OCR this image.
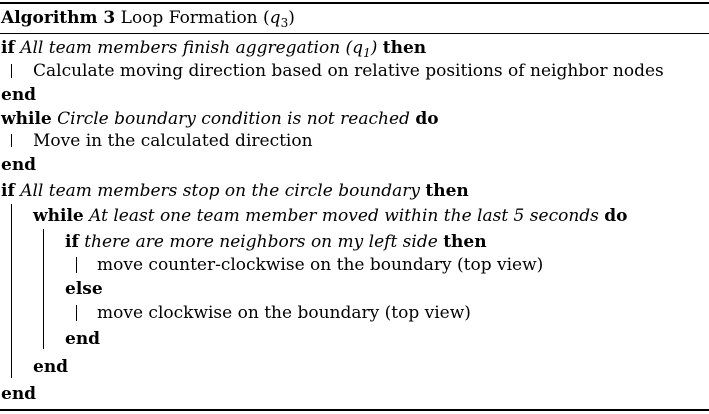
Algorithm 3 Loop Formation $(q_3)$
if All team members finish aggregation $(q_1)$ then
Calculate moving direction based on relative positions of neighbor nodes
end
while Circle boundary condition is not reached do
Move in the calculated direction
end
if All team members stop on the circle boundary then
while At least one team member moved within the last 5 seconds do
if there are more neighbors on my left side then
move counter-clockwise on the boundary (top view)
else
move clockwise on the boundary (top view)
end
end
end
